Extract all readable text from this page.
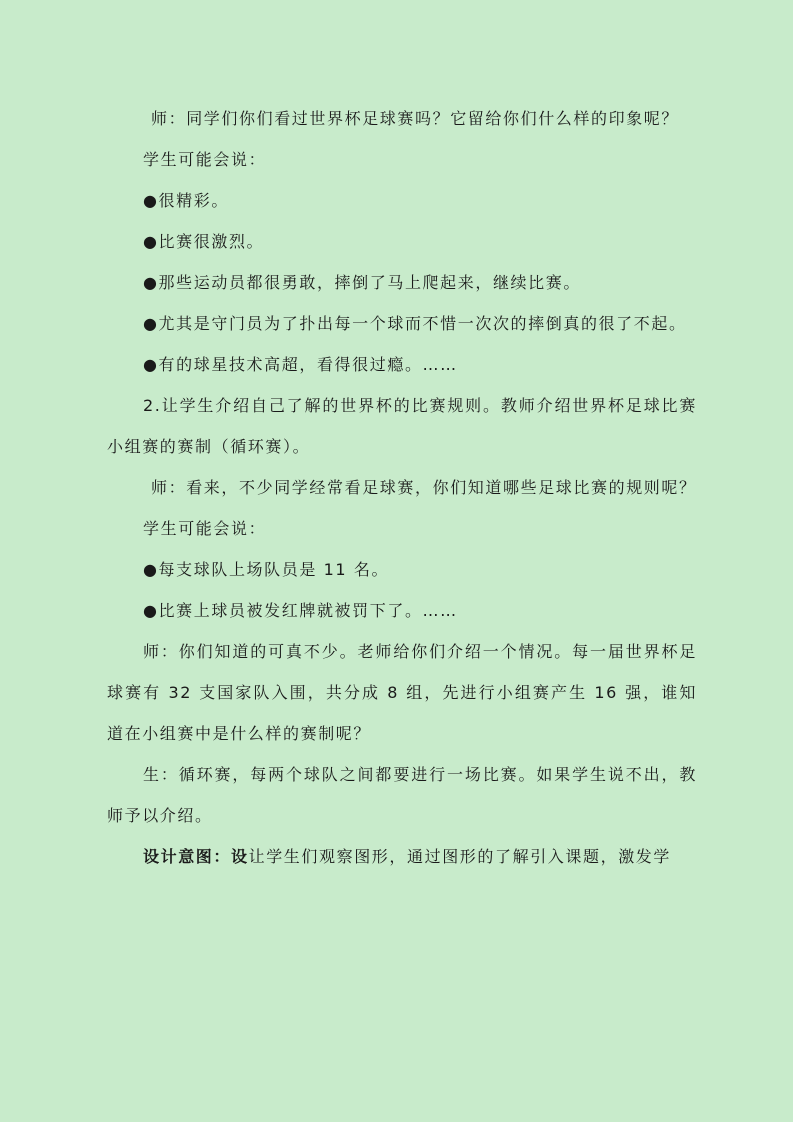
师：同学们你们看过世界杯足球赛吗？它留给你们什么样的印象呢？

学生可能会说：

●很精彩。

●比赛很激烈。

●那些运动员都很勇敢，摔倒了马上爬起来，继续比赛。

●尤其是守门员为了扑出每一个球而不惜一次次的摔倒真的很了不起。

●有的球星技术高超，看得很过瘾。……

2.让学生介绍自己了解的世界杯的比赛规则。教师介绍世界杯足球比赛小组赛的赛制（循环赛）。

师：看来，不少同学经常看足球赛，你们知道哪些足球比赛的规则呢？

学生可能会说：

●每支球队上场队员是 11 名。

●比赛上球员被发红牌就被罚下了。……

师：你们知道的可真不少。老师给你们介绍一个情况。每一届世界杯足球赛有 32 支国家队入围，共分成 8 组，先进行小组赛产生 16 强，谁知道在小组赛中是什么样的赛制呢？

生：循环赛，每两个球队之间都要进行一场比赛。如果学生说不出，教师予以介绍。

设计意图：设让学生们观察图形，通过图形的了解引入课题，激发学
